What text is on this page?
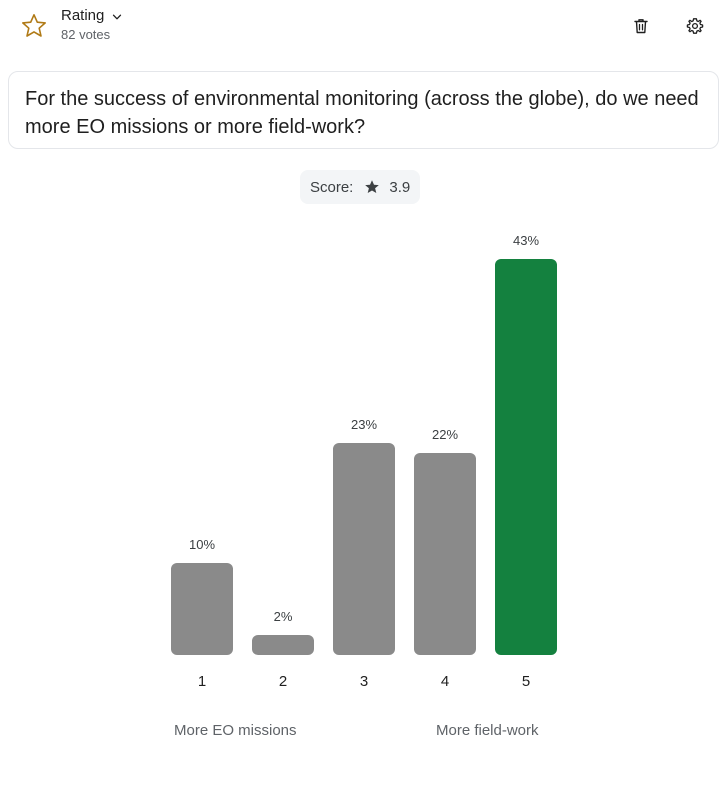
Rating
82 votes
For the success of environmental monitoring (across the globe), do we need more EO missions or more field-work?
Score: 3.9
10%
1
2%
2
23%
3
22%
4
43%
5
More EO missions	More field-work
